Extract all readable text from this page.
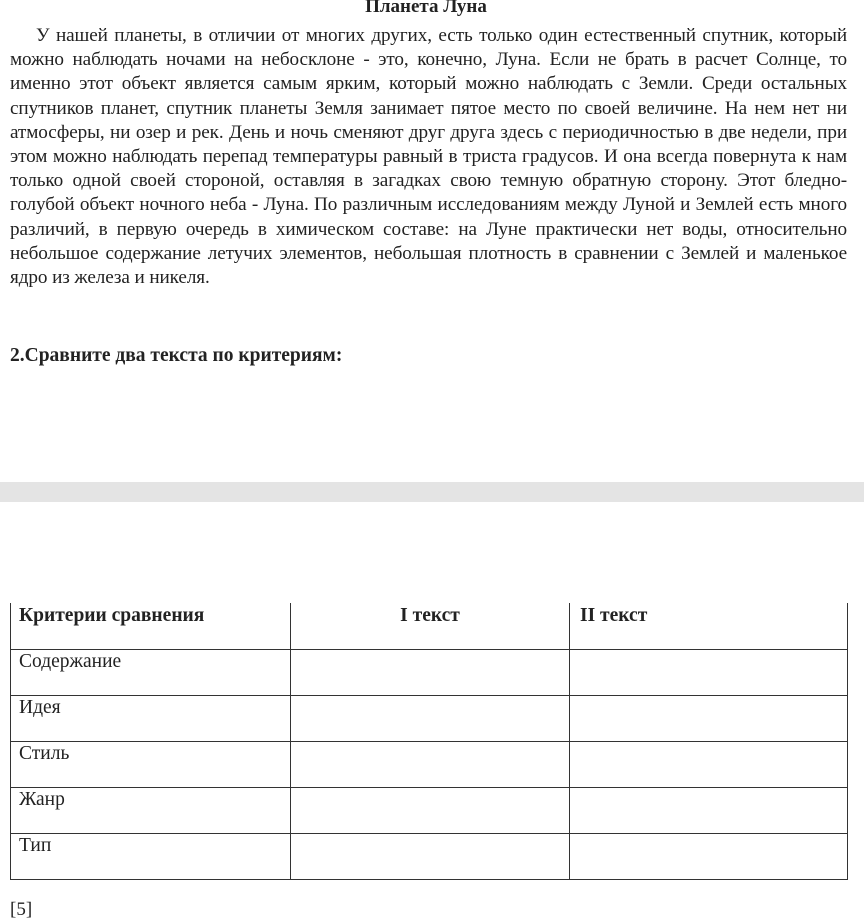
Планета Луна

У нашей планеты, в отличии от многих других, есть только один естественный спутник, который можно наблюдать ночами на небосклоне - это, конечно, Луна. Если не брать в расчет Солнце, то именно этот объект является самым ярким, который можно наблюдать с Земли. Среди остальных спутников планет, спутник планеты Земля занимает пятое место по своей величине. На нем нет ни атмосферы, ни озер и рек. День и ночь сменяют друг друга здесь с периодичностью в две недели, при этом можно наблюдать перепад температуры равный в триста градусов. И она всегда повернута к нам только одной своей стороной, оставляя в загадках свою темную обратную сторону. Этот бледно-голубой объект ночного неба - Луна. По различным исследованиям между Луной и Землей есть много различий, в первую очередь в химическом составе: на Луне практически нет воды, относительно небольшое содержание летучих элементов, небольшая плотность в сравнении с Землей и маленькое ядро из железа и никеля.

2.Сравните два текста по критериям:
Критерии сравнения	I текст	II текст
Содержание		
Идея		
Стиль		
Жанр		
Тип		

[5]
